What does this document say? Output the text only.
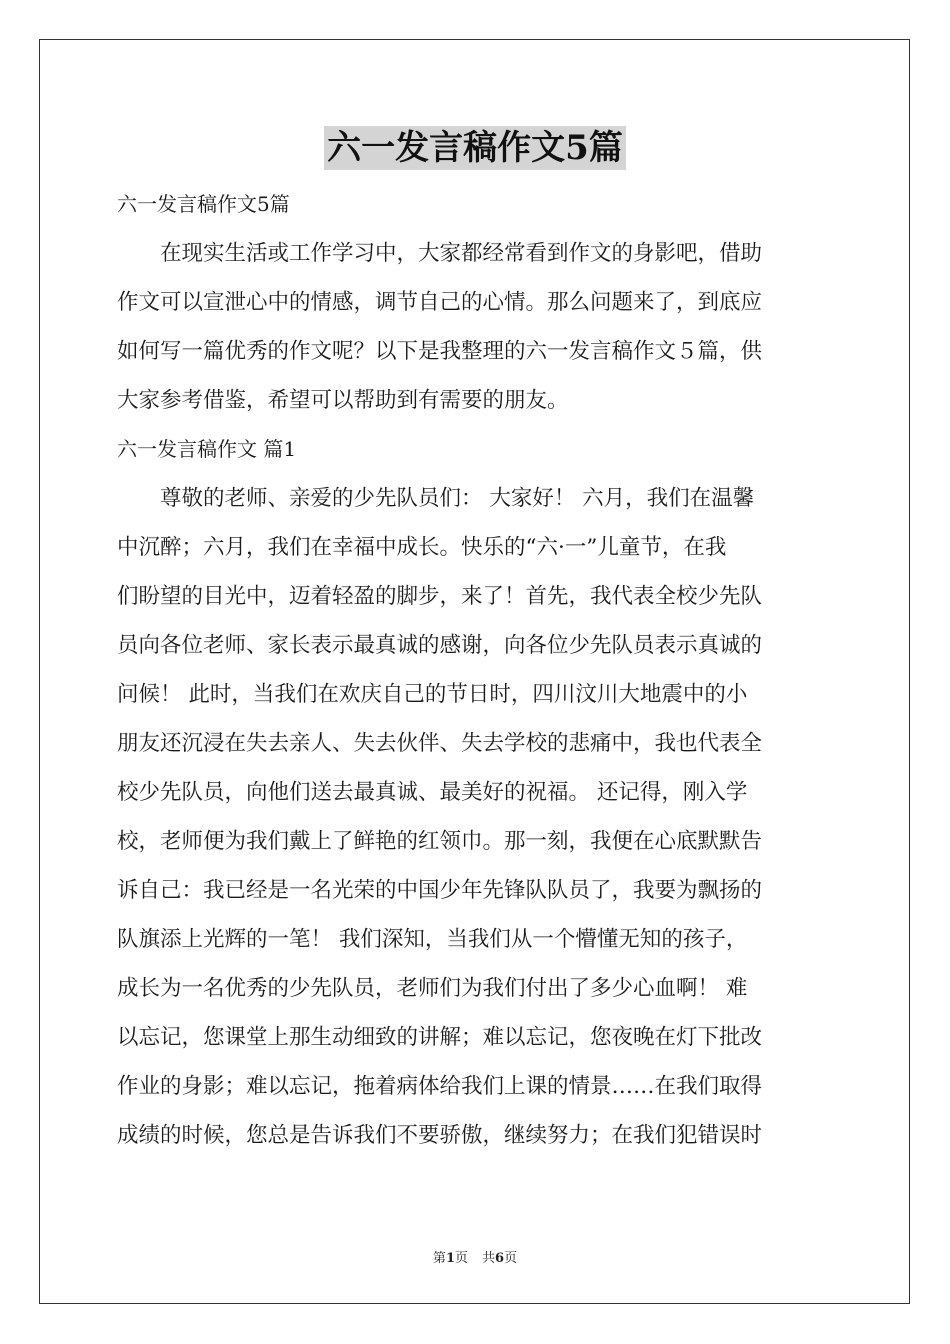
六一发言稿作文5篇
六一发言稿作文5篇
　　在现实生活或工作学习中，大家都经常看到作文的身影吧，借助
作文可以宣泄心中的情感，调节自己的心情。那么问题来了，到底应
如何写一篇优秀的作文呢？以下是我整理的六一发言稿作文５篇，供
大家参考借鉴，希望可以帮助到有需要的朋友。
六一发言稿作文 篇1
　　尊敬的老师、亲爱的少先队员们： 大家好！ 六月，我们在温馨
中沉醉；六月，我们在幸福中成长。快乐的“六·一”儿童节，在我
们盼望的目光中，迈着轻盈的脚步，来了！首先，我代表全校少先队
员向各位老师、家长表示最真诚的感谢，向各位少先队员表示真诚的
问候！ 此时，当我们在欢庆自己的节日时，四川汶川大地震中的小
朋友还沉浸在失去亲人、失去伙伴、失去学校的悲痛中，我也代表全
校少先队员，向他们送去最真诚、最美好的祝福。 还记得，刚入学
校，老师便为我们戴上了鲜艳的红领巾。那一刻，我便在心底默默告
诉自己：我已经是一名光荣的中国少年先锋队队员了，我要为飘扬的
队旗添上光辉的一笔！ 我们深知，当我们从一个懵懂无知的孩子，
成长为一名优秀的少先队员，老师们为我们付出了多少心血啊！ 难
以忘记，您课堂上那生动细致的讲解；难以忘记，您夜晚在灯下批改
作业的身影；难以忘记，拖着病体给我们上课的情景……在我们取得
成绩的时候，您总是告诉我们不要骄傲，继续努力；在我们犯错误时
第1页 共6页
